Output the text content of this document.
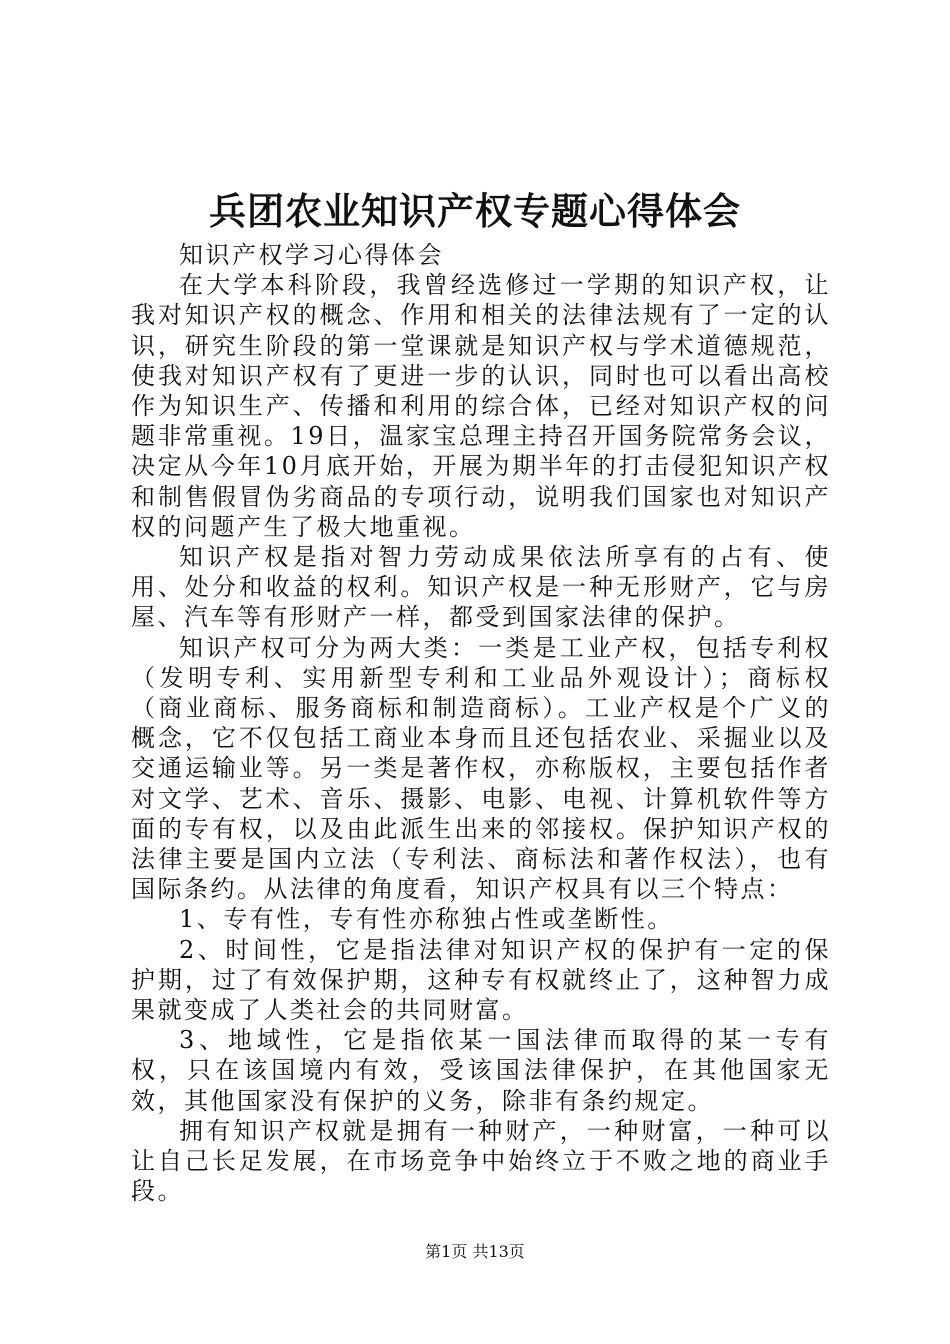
兵团农业知识产权专题心得体会

知识产权学习心得体会

在大学本科阶段，我曾经选修过一学期的知识产权，让我对知识产权的概念、作用和相关的法律法规有了一定的认识，研究生阶段的第一堂课就是知识产权与学术道德规范，使我对知识产权有了更进一步的认识，同时也可以看出高校作为知识生产、传播和利用的综合体，已经对知识产权的问题非常重视。19日，温家宝总理主持召开国务院常务会议，决定从今年10月底开始，开展为期半年的打击侵犯知识产权和制售假冒伪劣商品的专项行动，说明我们国家也对知识产权的问题产生了极大地重视。

知识产权是指对智力劳动成果依法所享有的占有、使用、处分和收益的权利。知识产权是一种无形财产，它与房屋、汽车等有形财产一样，都受到国家法律的保护。

知识产权可分为两大类：一类是工业产权，包括专利权（发明专利、实用新型专利和工业品外观设计）；商标权（商业商标、服务商标和制造商标）。工业产权是个广义的概念，它不仅包括工商业本身而且还包括农业、采掘业以及交通运输业等。另一类是著作权，亦称版权，主要包括作者对文学、艺术、音乐、摄影、电影、电视、计算机软件等方面的专有权，以及由此派生出来的邻接权。保护知识产权的法律主要是国内立法（专利法、商标法和著作权法），也有国际条约。从法律的角度看，知识产权具有以三个特点：

1、专有性，专有性亦称独占性或垄断性。

2、时间性，它是指法律对知识产权的保护有一定的保护期，过了有效保护期，这种专有权就终止了，这种智力成果就变成了人类社会的共同财富。

3、地域性，它是指依某一国法律而取得的某一专有权，只在该国境内有效，受该国法律保护，在其他国家无效，其他国家没有保护的义务，除非有条约规定。

拥有知识产权就是拥有一种财产，一种财富，一种可以让自己长足发展，在市场竞争中始终立于不败之地的商业手段。

第1页 共13页
